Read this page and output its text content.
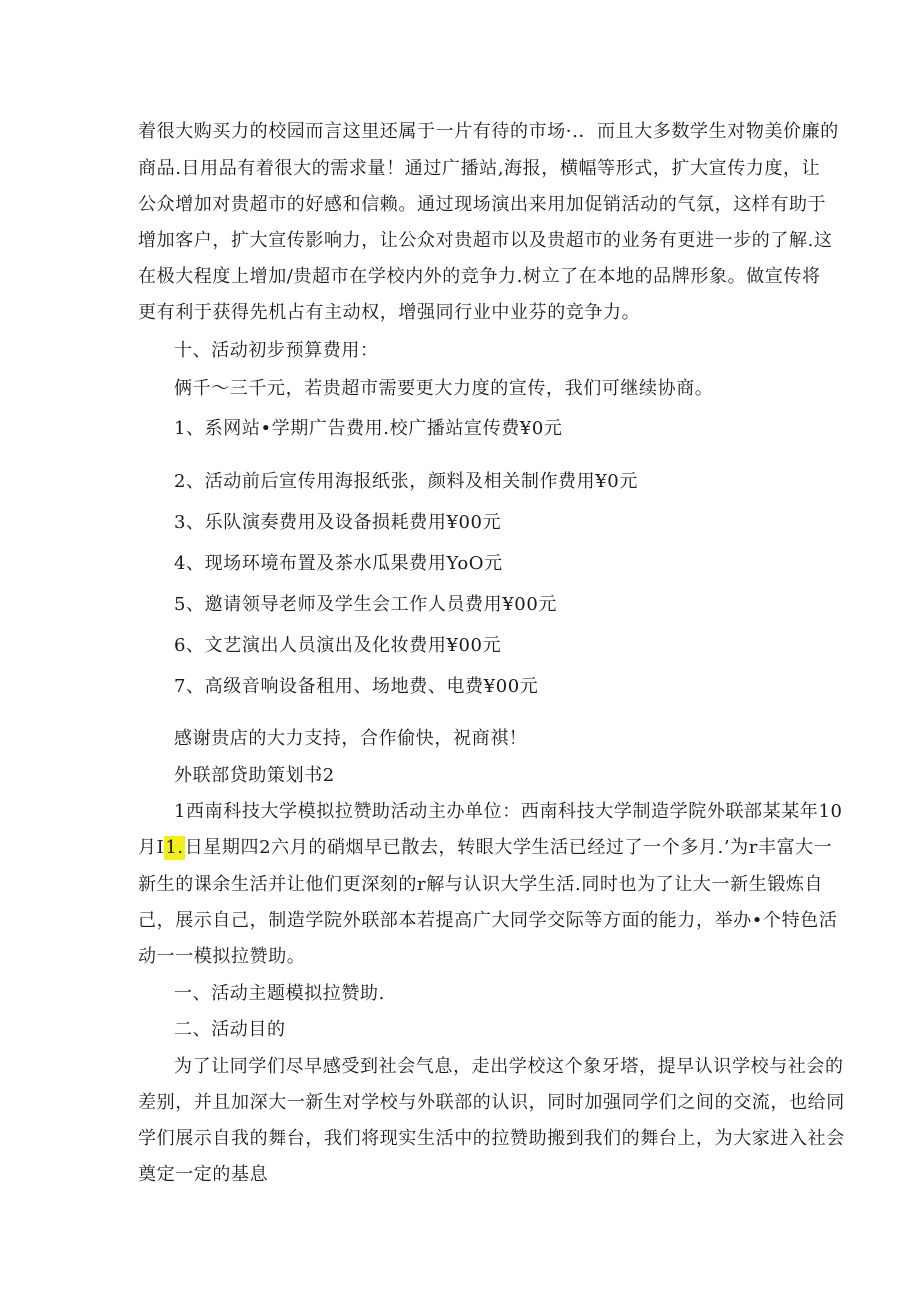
着很大购买力的校园而言这里还属于一片有待的市场·.．而且大多数学生对物美价廉的
商品.日用品有着很大的需求量！通过广播站,海报，横幅等形式，扩大宣传力度，让
公众增加对贵超市的好感和信赖。通过现场演出来用加促销活动的气氛，这样有助于
增加客户，扩大宣传影响力，让公众对贵超市以及贵超市的业务有更进一步的了解.这
在极大程度上增加/贵超市在学校内外的竞争力.树立了在本地的品牌形象。做宣传将
更有利于获得先机占有主动权，增强同行业中业芬的竞争力。
十、活动初步预算费用：
俩千～三千元，若贵超市需要更大力度的宣传，我们可继续协商。
1、系网站•学期广告费用.校广播站宣传费¥0元
2、活动前后宣传用海报纸张，颜料及相关制作费用¥0元
3、乐队演奏费用及设备损耗费用¥00元
4、现场环境布置及茶水瓜果费用YoO元
5、邀请领导老师及学生会工作人员费用¥00元
6、文艺演出人员演出及化妆费用¥00元
7、高级音响设备租用、场地费、电费¥00元
感谢贵店的大力支持，合作偷快，祝商祺！
外联部贷助策划书2
1西南科技大学模拟拉赞助活动主办单位：西南科技大学制造学院外联部某某年10
月I1.日星期四2六月的硝烟早已散去，转眼大学生活已经过了一个多月.’为r丰富大一
新生的课余生活并让他们更深刻的r解与认识大学生活.同时也为了让大一新生锻炼自
己，展示自己，制造学院外联部本若提高广大同学交际等方面的能力，举办•个特色活
动一一模拟拉赞助。
一、活动主题模拟拉赞助.
二、活动目的
为了让同学们尽早感受到社会气息，走出学校这个象牙塔，提早认识学校与社会的
差别，并且加深大一新生对学校与外联部的认识，同时加强同学们之间的交流，也给同
学们展示自我的舞台，我们将现实生活中的拉赞助搬到我们的舞台上，为大家进入社会
奠定一定的基息
